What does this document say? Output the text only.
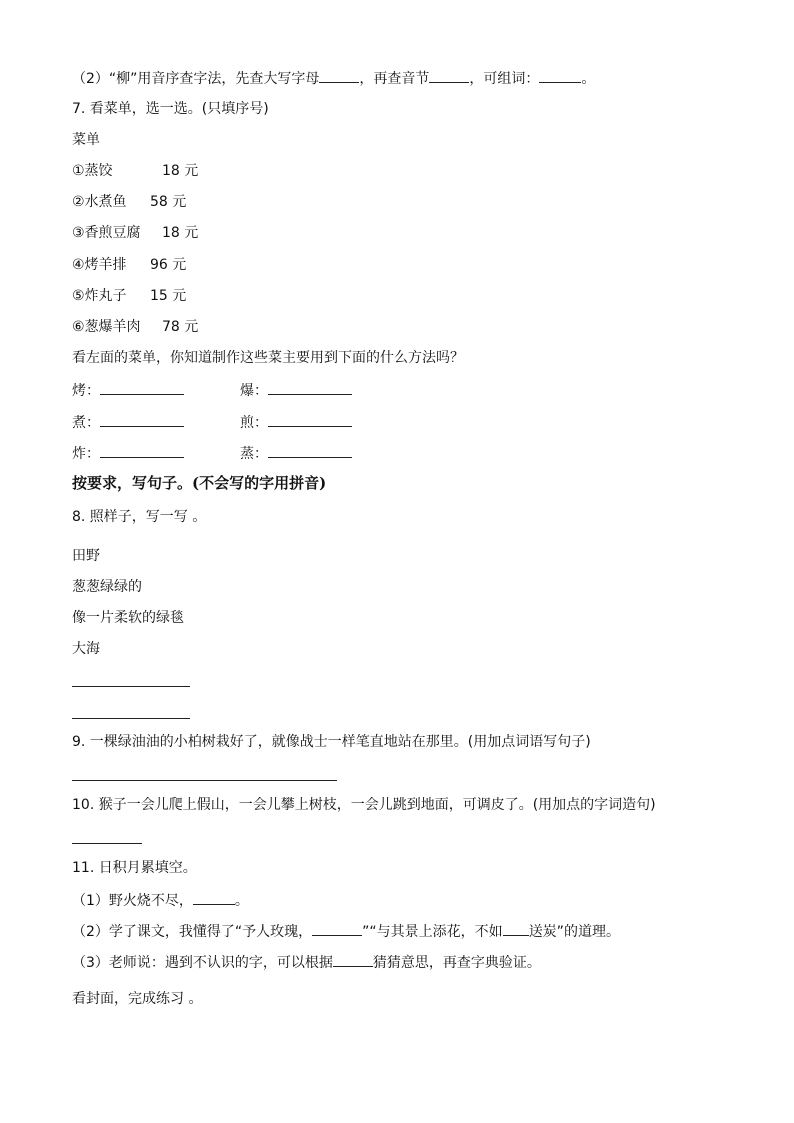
（2）“柳”用音序查字法，先查大写字母	，再查音节	，可组词：	。
7. 看菜单，选一选。(只填序号)
菜单
①蒸饺	18 元
②水煮鱼 58 元
③香煎豆腐 18 元
④烤羊排 96 元
⑤炸丸子 15 元
⑥葱爆羊肉 78 元
看左面的菜单，你知道制作这些菜主要用到下面的什么方法吗？
烤：	爆：
煮：	煎：
炸：	蒸：
按要求，写句子。(不会写的字用拼音)
8. 照样子，写一写 。
田野
葱葱绿绿的
像一片柔软的绿毯
大海
9. 一棵绿油油的小柏树栽好了，就像战士一样笔直地站在那里。(用加点词语写句子)
10. 猴子一会儿爬上假山，一会儿攀上树枝，一会儿跳到地面，可调皮了。(用加点的字词造句)
11. 日积月累填空。
（1）野火烧不尽，	。
（2）学了课文，我懂得了“予人玫瑰，	”“与其景上添花，不如 送炭”的道理。
（3）老师说：遇到不认识的字，可以根据	猜猜意思，再查字典验证。
看封面，完成练习 。
